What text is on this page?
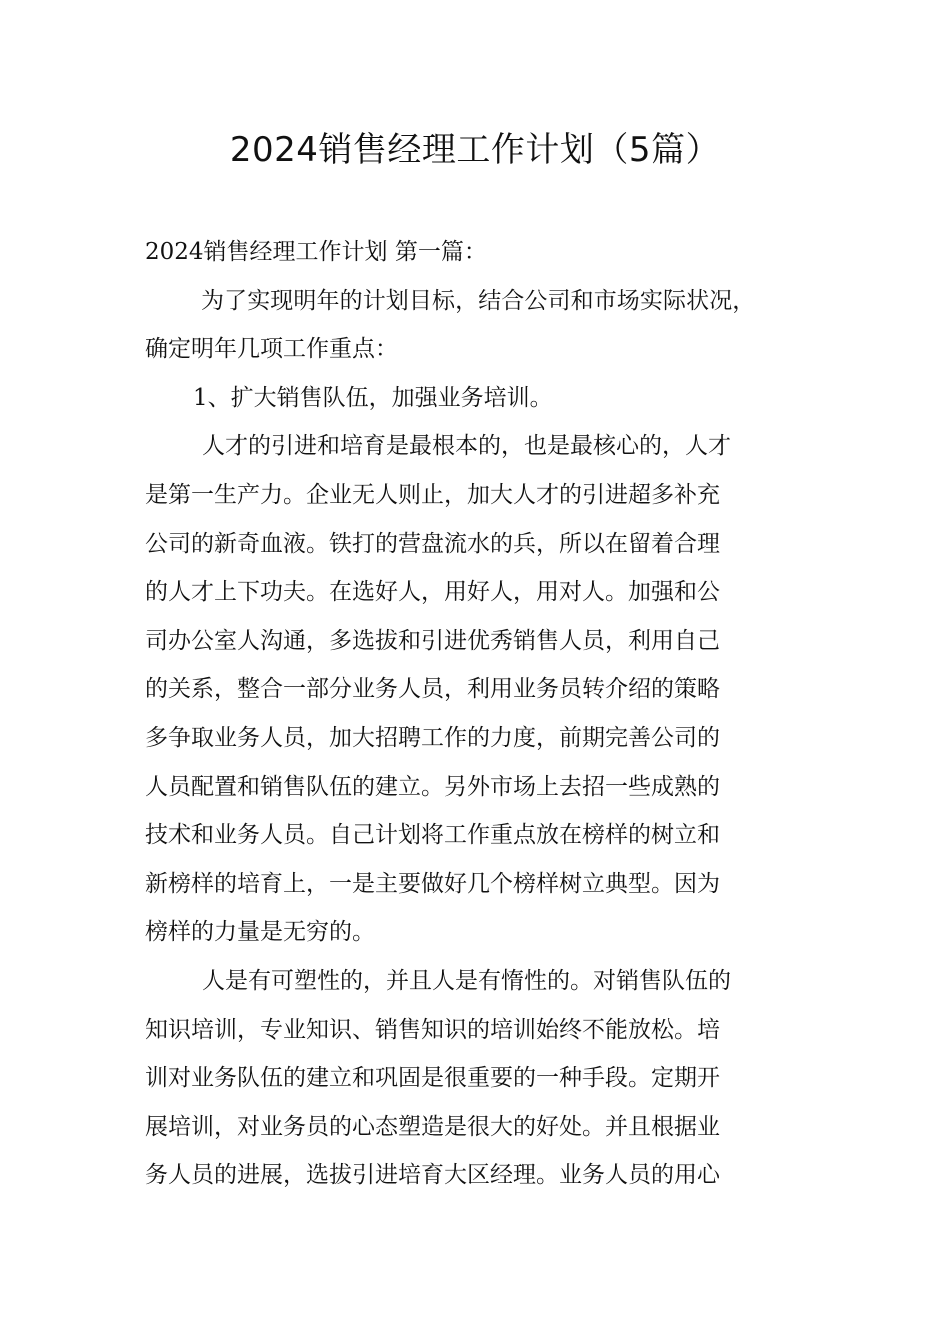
2024销售经理工作计划（5篇）

2024销售经理工作计划 第一篇：

为了实现明年的计划目标，结合公司和市场实际状况，
确定明年几项工作重点：

1、扩大销售队伍，加强业务培训。

人才的引进和培育是最根本的，也是最核心的，人才
是第一生产力。企业无人则止，加大人才的引进超多补充
公司的新奇血液。铁打的营盘流水的兵，所以在留着合理
的人才上下功夫。在选好人，用好人，用对人。加强和公
司办公室人沟通，多选拔和引进优秀销售人员，利用自己
的关系，整合一部分业务人员，利用业务员转介绍的策略
多争取业务人员，加大招聘工作的力度，前期完善公司的
人员配置和销售队伍的建立。另外市场上去招一些成熟的
技术和业务人员。自己计划将工作重点放在榜样的树立和
新榜样的培育上，一是主要做好几个榜样树立典型。因为
榜样的力量是无穷的。

人是有可塑性的，并且人是有惰性的。对销售队伍的
知识培训，专业知识、销售知识的培训始终不能放松。培
训对业务队伍的建立和巩固是很重要的一种手段。定期开
展培训，对业务员的心态塑造是很大的好处。并且根据业
务人员的进展，选拔引进培育大区经理。业务人员的用心
